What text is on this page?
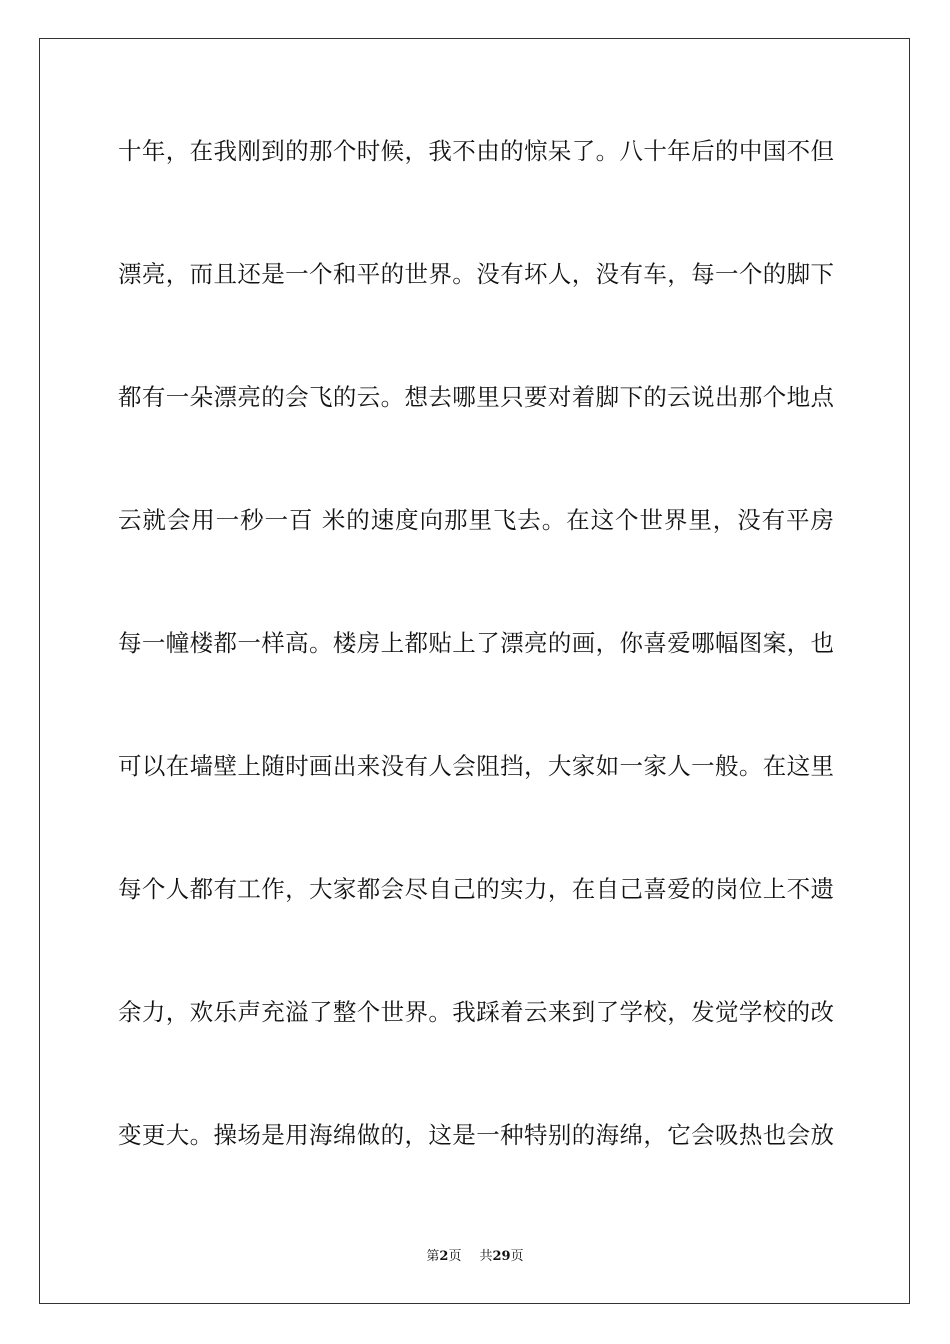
十年，在我刚到的那个时候，我不由的惊呆了。八十年后的中国不但
漂亮，而且还是一个和平的世界。没有坏人，没有车，每一个的脚下
都有一朵漂亮的会飞的云。想去哪里只要对着脚下的云说出那个地点
云就会用一秒一百 米的速度向那里飞去。在这个世界里，没有平房
每一幢楼都一样高。楼房上都贴上了漂亮的画，你喜爱哪幅图案，也
可以在墙壁上随时画出来没有人会阻挡，大家如一家人一般。在这里
每个人都有工作，大家都会尽自己的实力，在自己喜爱的岗位上不遗
余力，欢乐声充溢了整个世界。我踩着云来到了学校，发觉学校的改
变更大。操场是用海绵做的，这是一种特别的海绵，它会吸热也会放
第2页 共29页
